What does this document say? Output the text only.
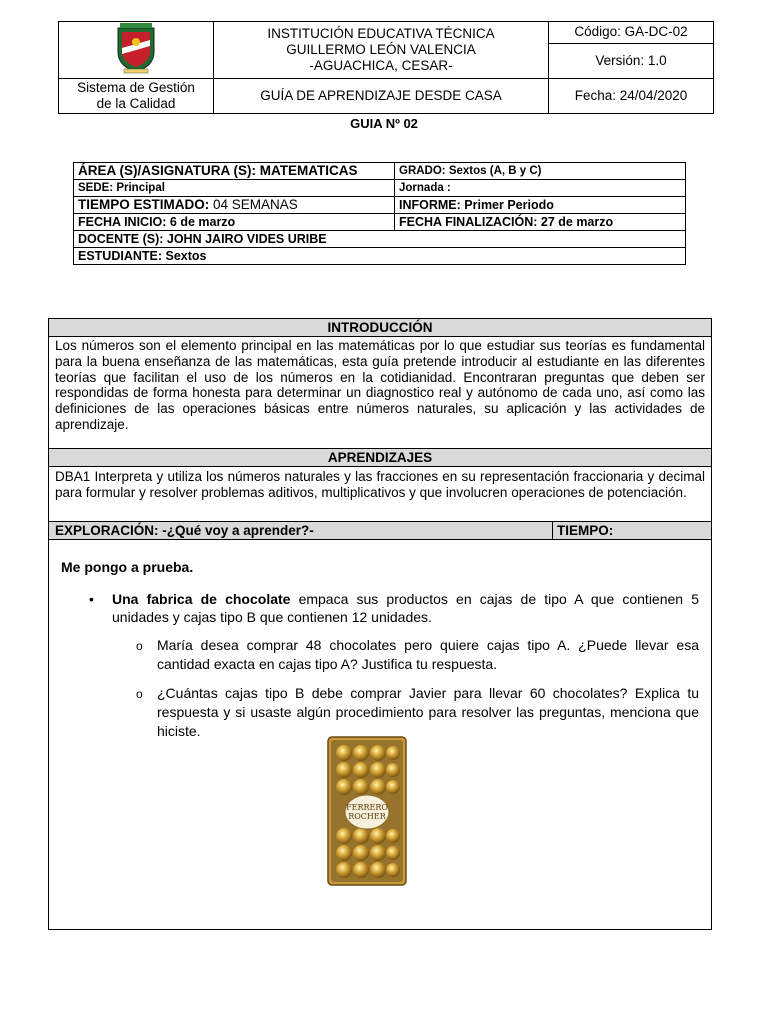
INSTITUCIÓN EDUCATIVA TÉCNICA
GUILLERMO LEÓN VALENCIA
-AGUACHICA, CESAR-	Código: GA-DC-02
		Versión: 1.0

Sistema de Gestión
de la Calidad	GUÍA DE APRENDIZAJE DESDE CASA	Fecha: 24/04/2020
GUIA Nº 02
ÁREA (S)/ASIGNATURA (S): MATEMATICAS	GRADO: Sextos (A, B y C)
SEDE: Principal	Jornada :
TIEMPO ESTIMADO: 04 SEMANAS	INFORME: Primer Periodo
FECHA INICIO: 6 de marzo	FECHA FINALIZACIÓN: 27 de marzo
DOCENTE (S): JOHN JAIRO VIDES URIBE	
ESTUDIANTE: Sextos	
INTRODUCCIÓN
Los números son el elemento principal en las matemáticas por lo que estudiar sus teorías es fundamental para la buena enseñanza de las matemáticas, esta guía pretende introducir al estudiante en las diferentes teorías que facilitan el uso de los números en la cotidianidad. Encontraran preguntas que deben ser respondidas de forma honesta para determinar un diagnostico real y autónomo de cada uno, así como las definiciones de las operaciones básicas entre números naturales, su aplicación y las actividades de aprendizaje.
APRENDIZAJES
DBA1 Interpreta y utiliza los números naturales y las fracciones en su representación fraccionaria y decimal para formular y resolver problemas aditivos, multiplicativos y que involucren operaciones de potenciación.
EXPLORACIÓN: -¿Qué voy a aprender?-	TIEMPO:
Me pongo a prueba.
• Una fabrica de chocolate empaca sus productos en cajas de tipo A que contienen 5 unidades y cajas tipo B que contienen 12 unidades.
o María desea comprar 48 chocolates pero quiere cajas tipo A. ¿Puede llevar esa cantidad exacta en cajas tipo A? Justifica tu respuesta.
o ¿Cuántas cajas tipo B debe comprar Javier para llevar 60 chocolates? Explica tu respuesta y si usaste algún procedimiento para resolver las preguntas, menciona que hiciste.
FERRERO
ROCHER
